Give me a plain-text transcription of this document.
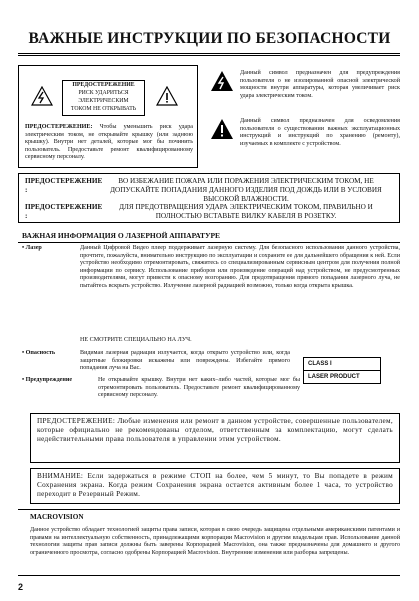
ВАЖНЫЕ ИНСТРУКЦИИ ПО БЕЗОПАСНОСТИ
ПРЕДОСТЕРЕЖЕНИЕ
РИСК УДАРИТЬСЯ
ЭЛЕКТРИЧЕСКИМ
ТОКОМ НЕ ОТКРЫВАТЬ
ПРЕДОСТЕРЕЖЕНИЕ: Чтобы уменьшить риск удара электрическим током, не открывайте крышку (или заднюю крышку). Внутри нет деталей, которые мог бы починить пользователь. Предоставьте ремонт квалифицированному сервисному персоналу.
Данный символ предназначен для предупреждения пользователя о не изолированной опасной электрической мощности внутри аппаратуры, которая увеличивает риск удара электрическим током.
Данный символ предназначен для осведомления пользователя о существовании важных эксплуатационных инструкций и инструкций по хранению (ремонту), изучаемых в комплекте с устройством.
ПРЕДОСТЕРЕЖЕНИЕ :
ВО ИЗБЕЖАНИЕ ПОЖАРА ИЛИ ПОРАЖЕНИЯ ЭЛЕКТРИЧЕСКИМ ТОКОМ, НЕ ДОПУСКАЙТЕ ПОПАДАНИЯ ДАННОГО ИЗДЕЛИЯ ПОД ДОЖДЬ ИЛИ В УСЛОВИЯ ВЫСОКОЙ ВЛАЖНОСТИ.
ПРЕДОСТЕРЕЖЕНИЕ :
ДЛЯ ПРЕДОТВРАЩЕНИЯ УДАРА ЭЛЕКТРИЧЕСКИМ ТОКОМ, ПРАВИЛЬНО И ПОЛНОСТЬЮ ВСТАВЬТЕ ВИЛКУ КАБЕЛЯ В РОЗЕТКУ.
ВАЖНАЯ ИНФОРМАЦИЯ О ЛАЗЕРНОЙ АППАРАТУРЕ
• Лазер	Данный Цифровой Видео плеер поддерживает лазерную систему. Для безопасного использования данного устройства, прочтите, пожалуйста, внимательно инструкцию по эксплуатации и сохраните ее для дальнейшего обращения к ней. Если устройство необходимо отремонтировать, свяжитесь со специализированным сервисным центром для получения полной информации по сервису. Использование приборов или произведение операций над устройством, не предусмотренных производителями, могут привести к опасному возгоранию. Для предотвращения прямого попадания лазерного луча, не пытайтесь вскрыть устройство. Излучение лазерной радиацией возможно, только когда открыта крышка.
НЕ СМОТРИТЕ СПЕЦИАЛЬНО НА ЛУЧ.
• Опасность	Видимая лазерная радиация излучается, когда открыто устройство или, когда защитные блокировки искажены или повреждены. Избегайте прямого попадания луча на Вас.
• Предупреждение	Не открывайте крышку. Внутри нет каких–либо частей, которые мог бы отремонтировать пользователь. Предоставьте ремонт квалифицированному сервисному персоналу.
CLASS I
LASER PRODUCT
ПРЕДОСТЕРЕЖЕНИЕ: Любые изменения или ремонт в данном устройстве, совершенные пользователем, которые официально не рекомендованы отделом, ответственным за комплектацию, могут сделать недействительными права пользователя в управлении этим устройством.
ВНИМАНИЕ: Если задержаться в режиме СТОП на более, чем 5 минут, то Вы попадете в режим Сохранения экрана. Когда режим Сохранения экрана остается активным более 1 часа, то устройство переходит в Резервный Режим.
MACROVISION
Данное устройство обладает технологией защиты права записи, которая в свою очередь защищена отдельными американскими патентами и правами на интеллектуальную собственность, принадлежащими корпорации Macrovision и другим владельцам прав. Использование данной технологии защиты прав записи должны быть заверены Корпорацией Macrovision, она также предназначены для домашнего и другого ограниченного просмотра, согласно одобрены Корпорацией Macrovision. Внутренние изменения или разборка запрещены.
2
